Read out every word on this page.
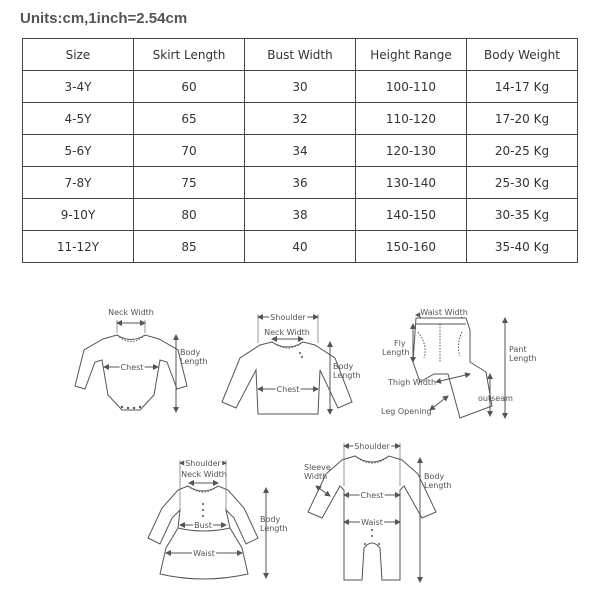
Units:cm,1inch=2.54cm
Size	Skirt Length	Bust Width	Height Range	Body Weight
3-4Y	60	30	100-110	14-17 Kg
4-5Y	65	32	110-120	17-20 Kg
5-6Y	70	34	120-130	20-25 Kg
7-8Y	75	36	130-140	25-30 Kg
9-10Y	80	38	140-150	30-35 Kg
11-12Y	85	40	150-160	35-40 Kg
Neck Width
Chest
Body
Length
Shoulder
Neck Width
Chest
Body
Length
Waist Width
Fly
Length	Pant
Length
Thigh Width
outseam
Leg Opening
Shoulder
Neck Width
Bust
Waist
Body
Length
Shoulder
Sleeve
Width
Chest
Waist
Body
Length
